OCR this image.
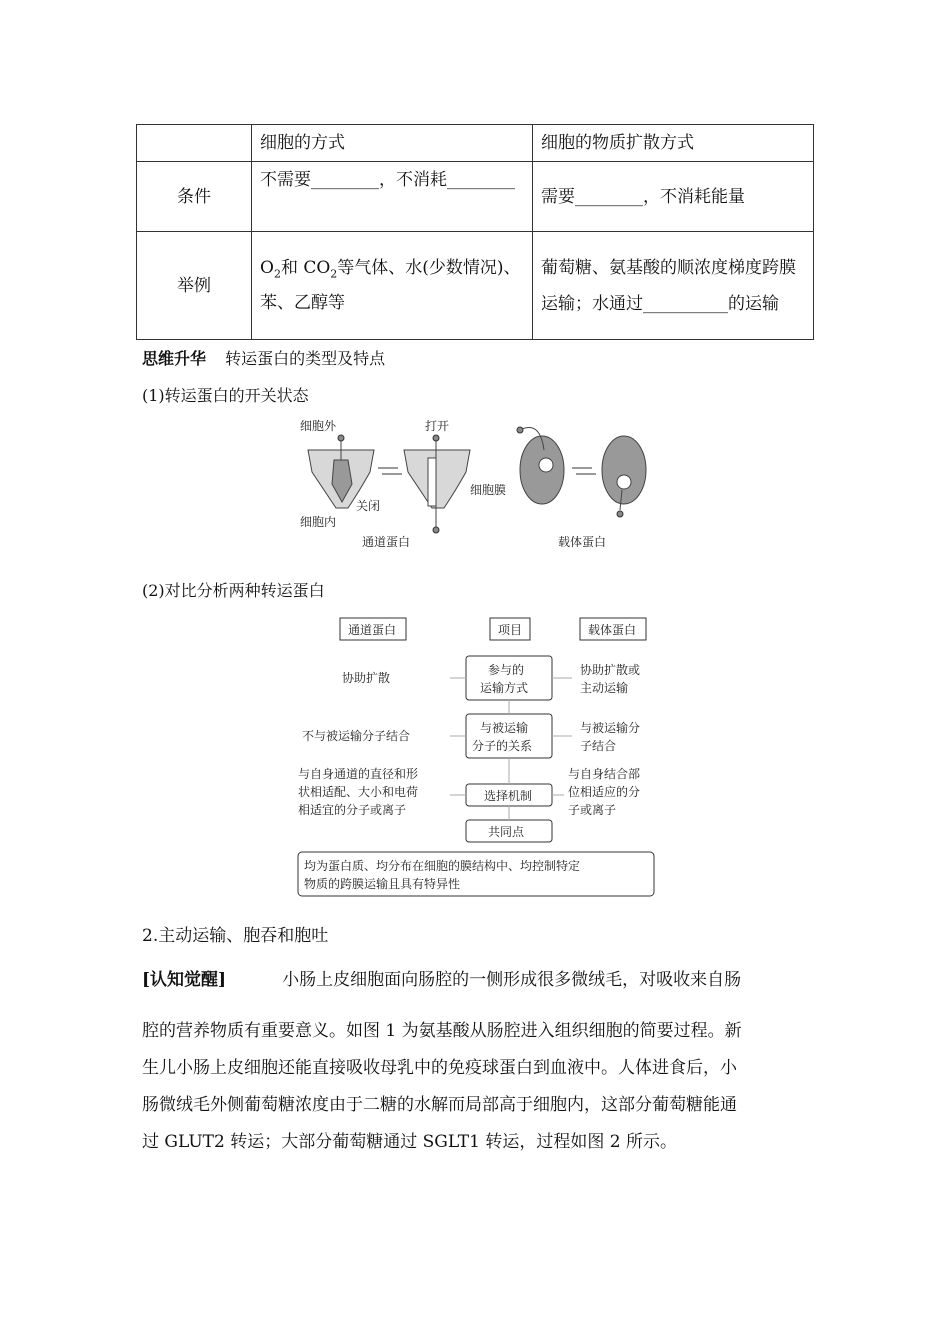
	细胞的方式	细胞的物质扩散方式
条件	不需要________，不消耗________	需要________，不消耗能量
举例	$O_2$和 $CO_2$等气体、水(少数情况)、苯、乙醇等	葡萄糖、氨基酸的顺浓度梯度跨膜运输；水通过__________的运输
思维升华 转运蛋白的类型及特点
(1)转运蛋白的开关状态
细胞外	打开
关闭
细胞膜
细胞内
通道蛋白	载体蛋白
(2)对比分析两种转运蛋白
通道蛋白	项目	载体蛋白
参与的
运输方式
协助扩散
协助扩散或
主动运输
与被运输
分子的关系
不与被运输分子结合
与被运输分
子结合
选择机制
与自身通道的直径和形
状相适配、大小和电荷
相适宜的分子或离子
与自身结合部
位相适应的分
子或离子
共同点
均为蛋白质、均分布在细胞的膜结构中、均控制特定
物质的跨膜运输且具有特异性
2.主动运输、胞吞和胞吐
[认知觉醒]	小肠上皮细胞面向肠腔的一侧形成很多微绒毛，对吸收来自肠
腔的营养物质有重要意义。如图 1 为氨基酸从肠腔进入组织细胞的简要过程。新
生儿小肠上皮细胞还能直接吸收母乳中的免疫球蛋白到血液中。人体进食后，小
肠微绒毛外侧葡萄糖浓度由于二糖的水解而局部高于细胞内，这部分葡萄糖能通
过 GLUT2 转运；大部分葡萄糖通过 SGLT1 转运，过程如图 2 所示。
